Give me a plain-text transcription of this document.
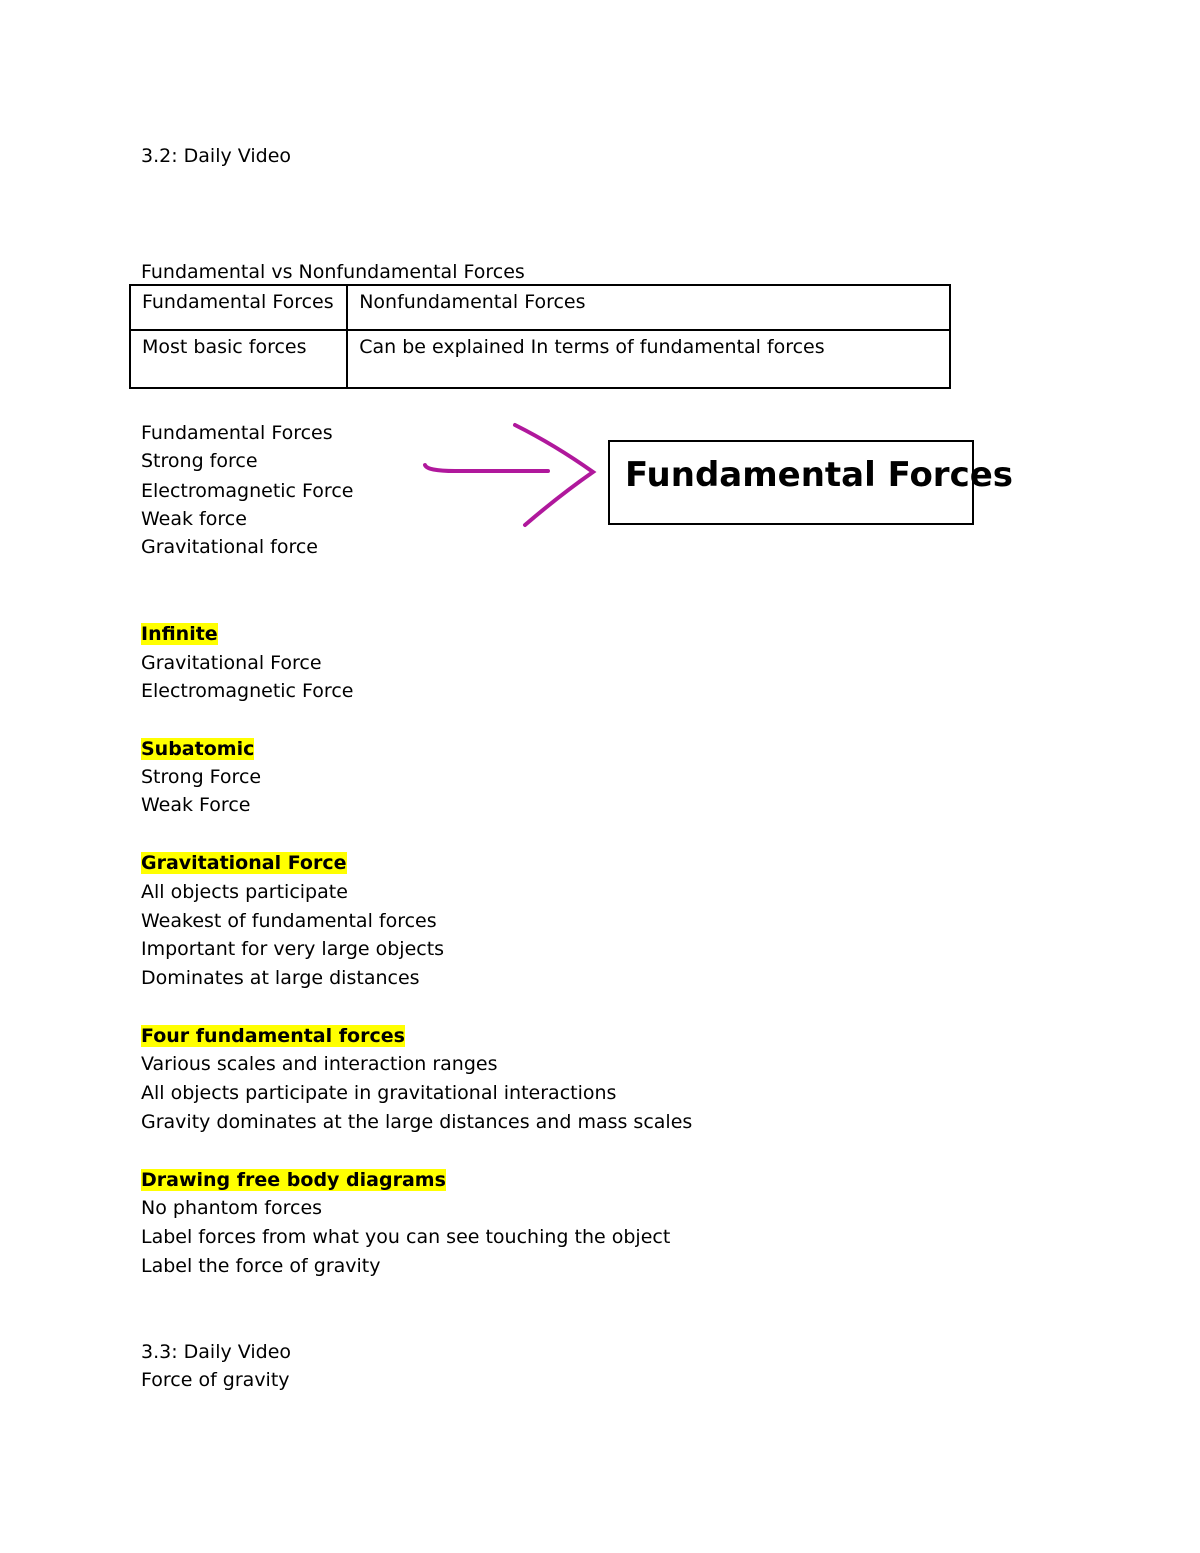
3.2: Daily Video
Fundamental vs Nonfundamental Forces
Fundamental Forces	Nonfundamental Forces
Most basic forces	Can be explained In terms of fundamental forces
Fundamental Forces
Strong force
Electromagnetic Force
Weak force
Gravitational force
Fundamental Forces
Infinite
Gravitational Force
Electromagnetic Force
Subatomic
Strong Force
Weak Force
Gravitational Force
All objects participate
Weakest of fundamental forces
Important for very large objects
Dominates at large distances
Four fundamental forces
Various scales and interaction ranges
All objects participate in gravitational interactions
Gravity dominates at the large distances and mass scales
Drawing free body diagrams
No phantom forces
Label forces from what you can see touching the object
Label the force of gravity
3.3: Daily Video
Force of gravity
